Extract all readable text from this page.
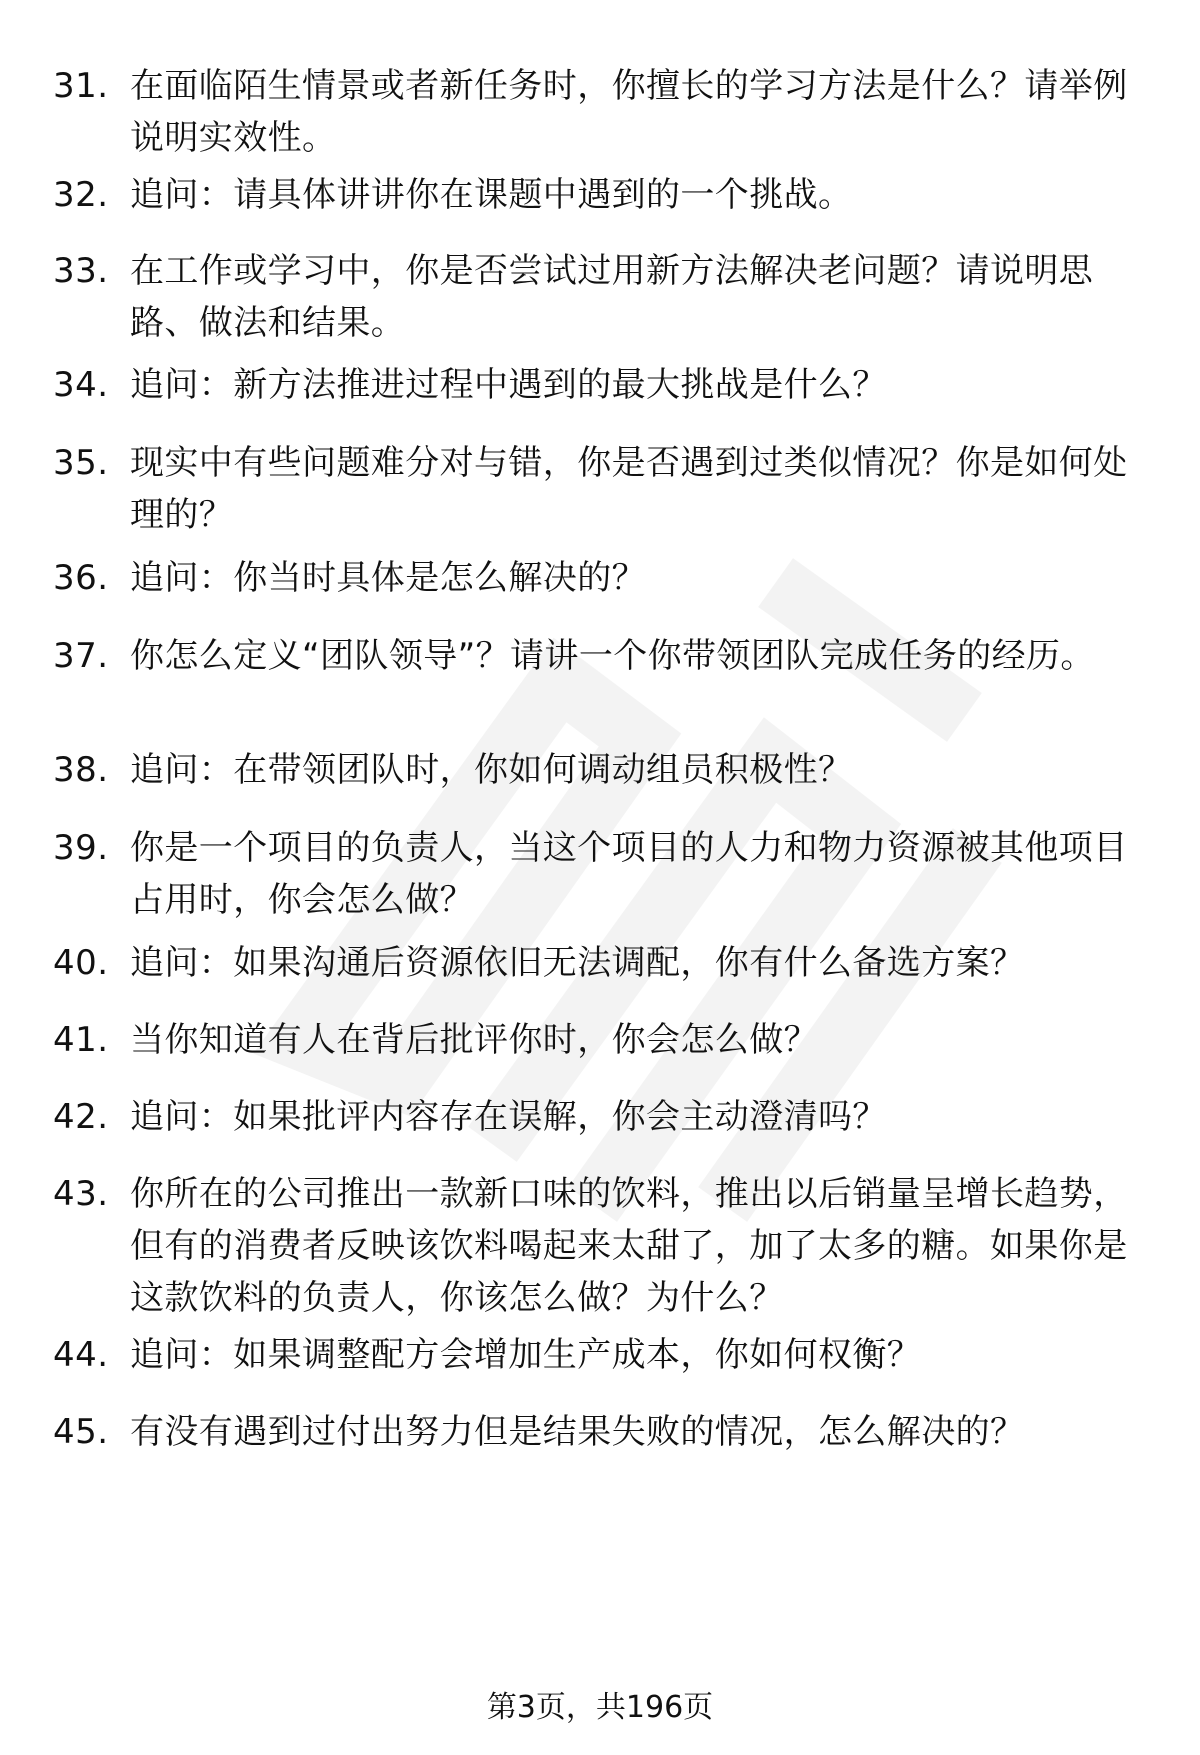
31. 在面临陌生情景或者新任务时，你擅长的学习方法是什么？请举例说明实效性。
32. 追问：请具体讲讲你在课题中遇到的一个挑战。
33. 在工作或学习中，你是否尝试过用新方法解决老问题？请说明思路、做法和结果。
34. 追问：新方法推进过程中遇到的最大挑战是什么？
35. 现实中有些问题难分对与错，你是否遇到过类似情况？你是如何处理的？
36. 追问：你当时具体是怎么解决的？
37. 你怎么定义“团队领导”？请讲一个你带领团队完成任务的经历。
38. 追问：在带领团队时，你如何调动组员积极性？
39. 你是一个项目的负责人，当这个项目的人力和物力资源被其他项目占用时，你会怎么做？
40. 追问：如果沟通后资源依旧无法调配，你有什么备选方案？
41. 当你知道有人在背后批评你时，你会怎么做？
42. 追问：如果批评内容存在误解，你会主动澄清吗？
43. 你所在的公司推出一款新口味的饮料，推出以后销量呈增长趋势，但有的消费者反映该饮料喝起来太甜了，加了太多的糖。如果你是这款饮料的负责人，你该怎么做？为什么？
44. 追问：如果调整配方会增加生产成本，你如何权衡？
45. 有没有遇到过付出努力但是结果失败的情况，怎么解决的？
第3页，共196页
